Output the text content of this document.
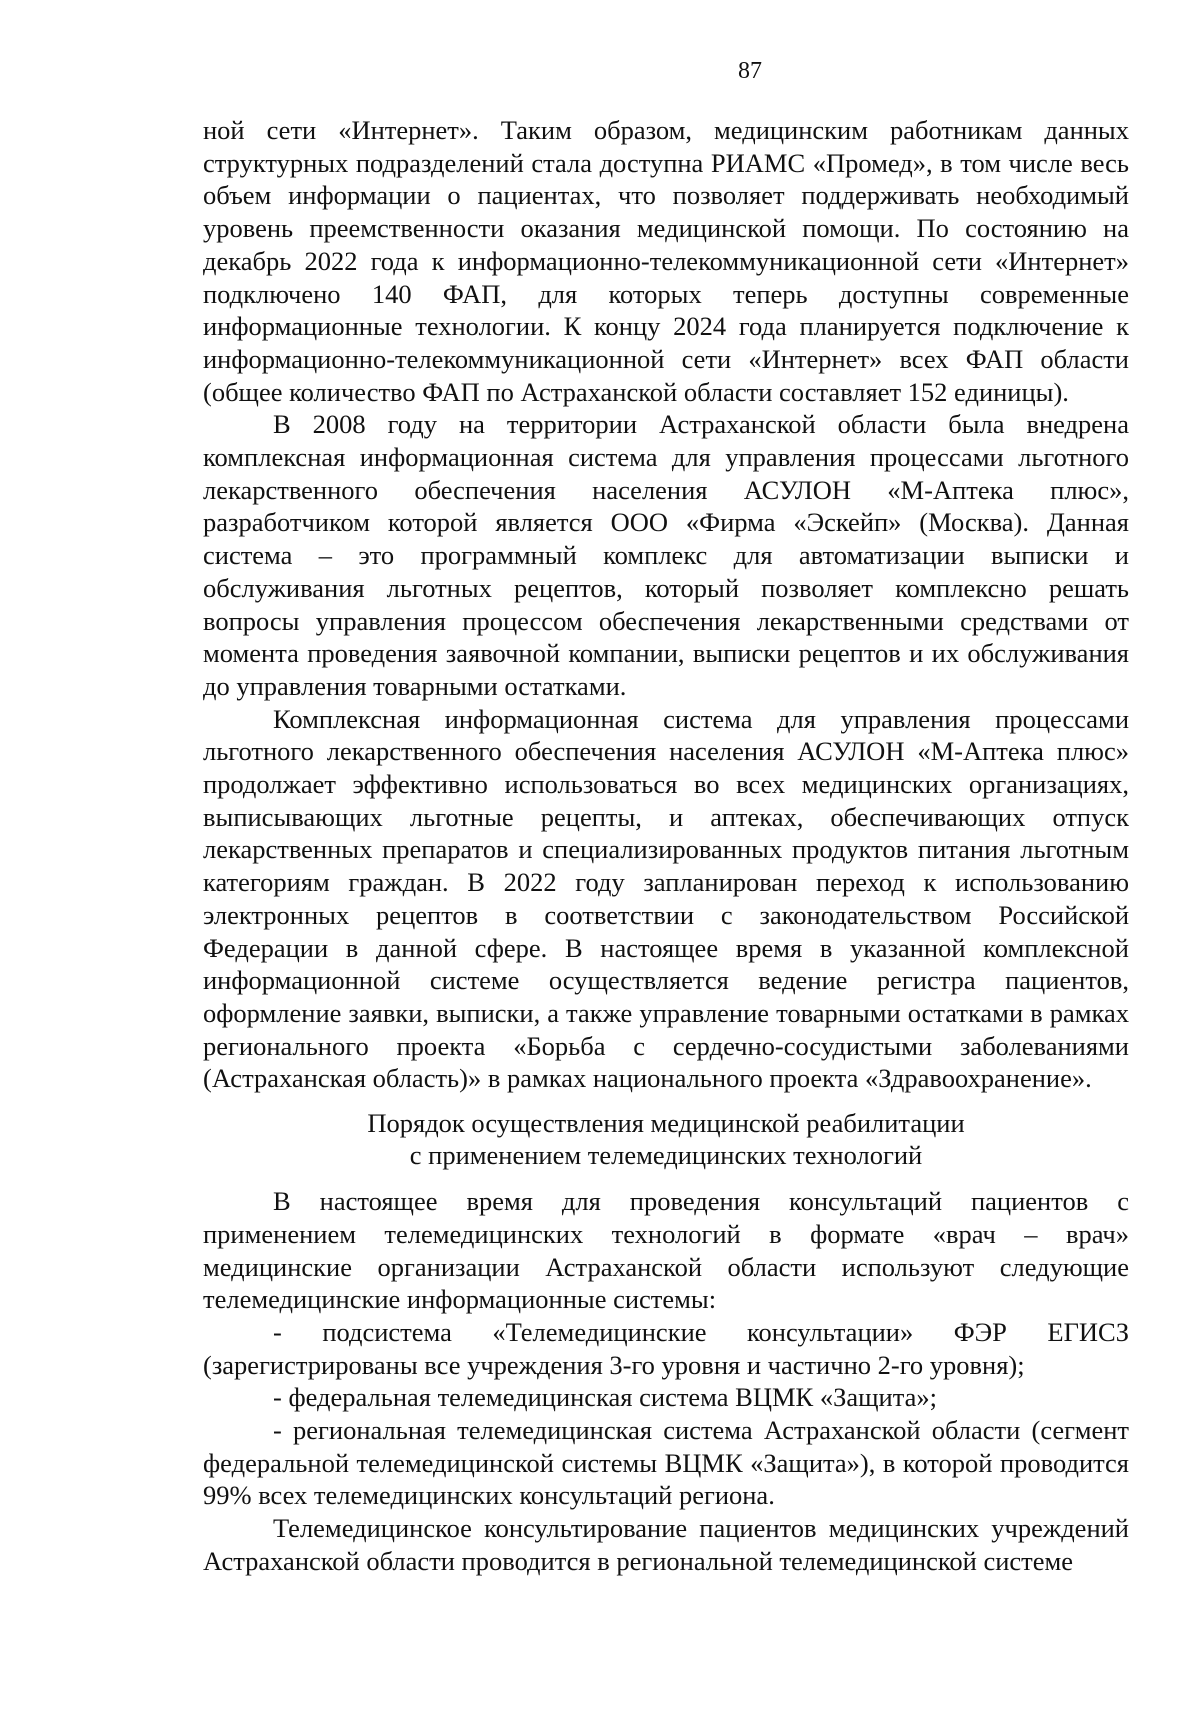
87

ной сети «Интернет». Таким образом, медицинским работникам данных структурных подразделений стала доступна РИАМС «Промед», в том числе весь объем информации о пациентах, что позволяет поддерживать необходимый уровень преемственности оказания медицинской помощи. По состоянию на декабрь 2022 года к информационно-телекоммуникационной сети «Интернет» подключено 140 ФАП, для которых теперь доступны современные информационные технологии. К концу 2024 года планируется подключение к информационно-телекоммуникационной сети «Интернет» всех ФАП области (общее количество ФАП по Астраханской области составляет 152 единицы).

В 2008 году на территории Астраханской области была внедрена комплексная информационная система для управления процессами льготного лекарственного обеспечения населения АСУЛОН «М-Аптека плюс», разработчиком которой является ООО «Фирма «Эскейп» (Москва). Данная система – это программный комплекс для автоматизации выписки и обслуживания льготных рецептов, который позволяет комплексно решать вопросы управления процессом обеспечения лекарственными средствами от момента проведения заявочной компании, выписки рецептов и их обслуживания до управления товарными остатками.

Комплексная информационная система для управления процессами льготного лекарственного обеспечения населения АСУЛОН «М-Аптека плюс» продолжает эффективно использоваться во всех медицинских организациях, выписывающих льготные рецепты, и аптеках, обеспечивающих отпуск лекарственных препаратов и специализированных продуктов питания льготным категориям граждан. В 2022 году запланирован переход к использованию электронных рецептов в соответствии с законодательством Российской Федерации в данной сфере. В настоящее время в указанной комплексной информационной системе осуществляется ведение регистра пациентов, оформление заявки, выписки, а также управление товарными остатками в рамках регионального проекта «Борьба с сердечно-сосудистыми заболеваниями (Астраханская область)» в рамках национального проекта «Здравоохранение».

Порядок осуществления медицинской реабилитации
с применением телемедицинских технологий

В настоящее время для проведения консультаций пациентов с применением телемедицинских технологий в формате «врач – врач» медицинские организации Астраханской области используют следующие телемедицинские информационные системы:

- подсистема «Телемедицинские консультации» ФЭР ЕГИСЗ (зарегистрированы все учреждения 3-го уровня и частично 2-го уровня);

- федеральная телемедицинская система ВЦМК «Защита»;

- региональная телемедицинская система Астраханской области (сегмент федеральной телемедицинской системы ВЦМК «Защита»), в которой проводится 99% всех телемедицинских консультаций региона.

Телемедицинское консультирование пациентов медицинских учреждений Астраханской области проводится в региональной телемедицинской системе
